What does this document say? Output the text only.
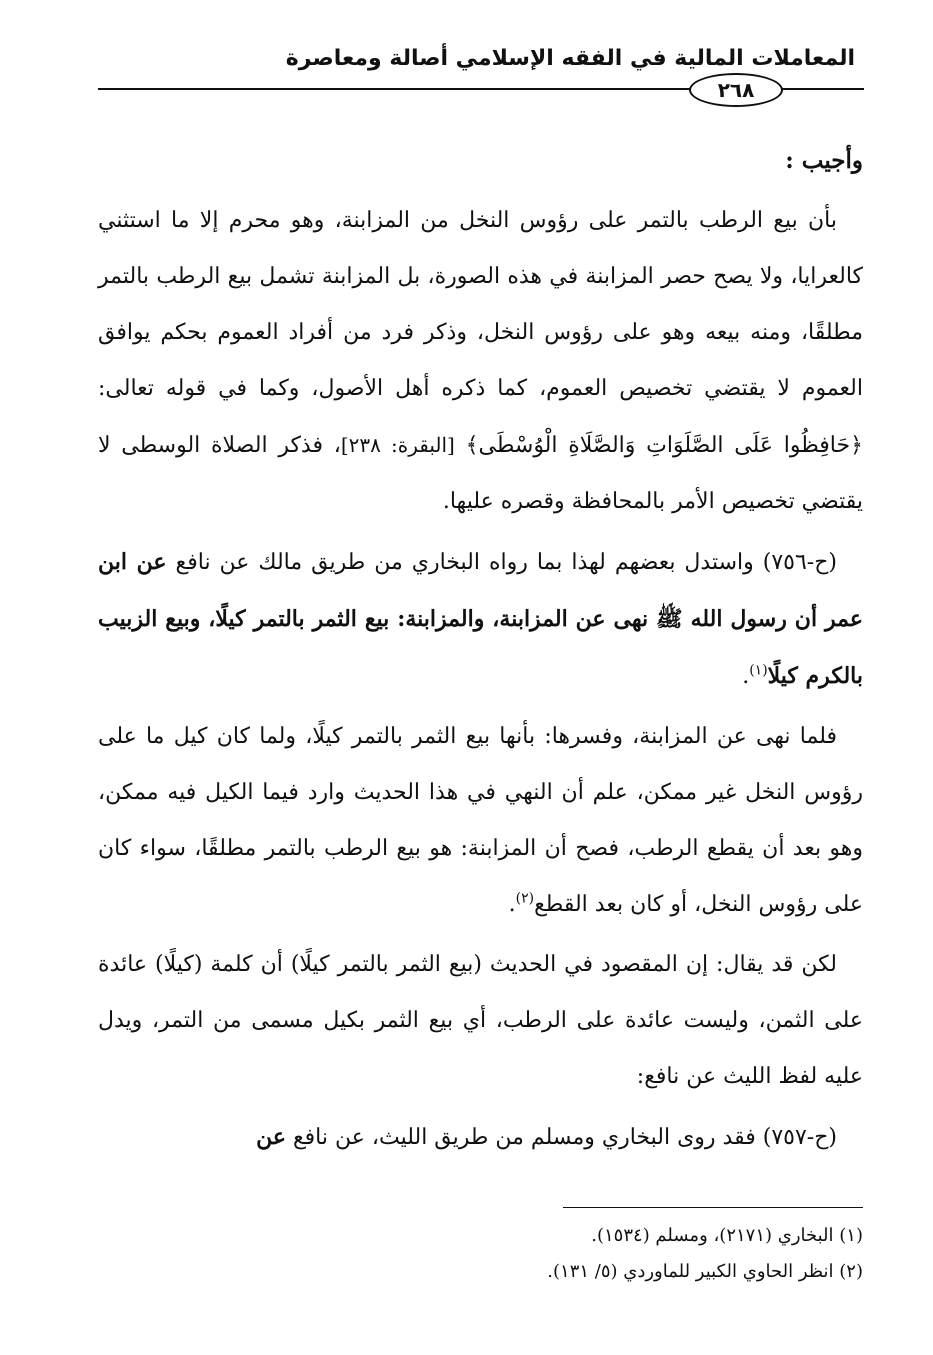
المعاملات المالية في الفقه الإسلامي أصالة ومعاصرة
٢٦٨

وأجيب :

بأن بيع الرطب بالتمر على رؤوس النخل من المزابنة، وهو محرم إلا ما استثني كالعرايا، ولا يصح حصر المزابنة في هذه الصورة، بل المزابنة تشمل بيع الرطب بالتمر مطلقًا، ومنه بيعه وهو على رؤوس النخل، وذكر فرد من أفراد العموم بحكم يوافق العموم لا يقتضي تخصيص العموم، كما ذكره أهل الأصول، وكما في قوله تعالى: ﴿حَافِظُوا عَلَى الصَّلَوَاتِ وَالصَّلَاةِ الْوُسْطَى﴾ [البقرة: ٢٣٨]، فذكر الصلاة الوسطى لا يقتضي تخصيص الأمر بالمحافظة وقصره عليها.

(ح-٧٥٦) واستدل بعضهم لهذا بما رواه البخاري من طريق مالك عن نافع عن ابن عمر أن رسول الله ﷺ نهى عن المزابنة، والمزابنة: بيع الثمر بالتمر كيلًا، وبيع الزبيب بالكرم كيلًا$^{(١)}$.

فلما نهى عن المزابنة، وفسرها: بأنها بيع الثمر بالتمر كيلًا، ولما كان كيل ما على رؤوس النخل غير ممكن، علم أن النهي في هذا الحديث وارد فيما الكيل فيه ممكن، وهو بعد أن يقطع الرطب، فصح أن المزابنة: هو بيع الرطب بالتمر مطلقًا، سواء كان على رؤوس النخل، أو كان بعد القطع$^{(٢)}$.

لكن قد يقال: إن المقصود في الحديث (بيع الثمر بالتمر كيلًا) أن كلمة (كيلًا) عائدة على الثمن، وليست عائدة على الرطب، أي بيع الثمر بكيل مسمى من التمر، ويدل عليه لفظ الليث عن نافع:

(ح-٧٥٧) فقد روى البخاري ومسلم من طريق الليث، عن نافع عن

(١) البخاري (٢١٧١)، ومسلم (١٥٣٤).
(٢) انظر الحاوي الكبير للماوردي (٥/ ١٣١).
